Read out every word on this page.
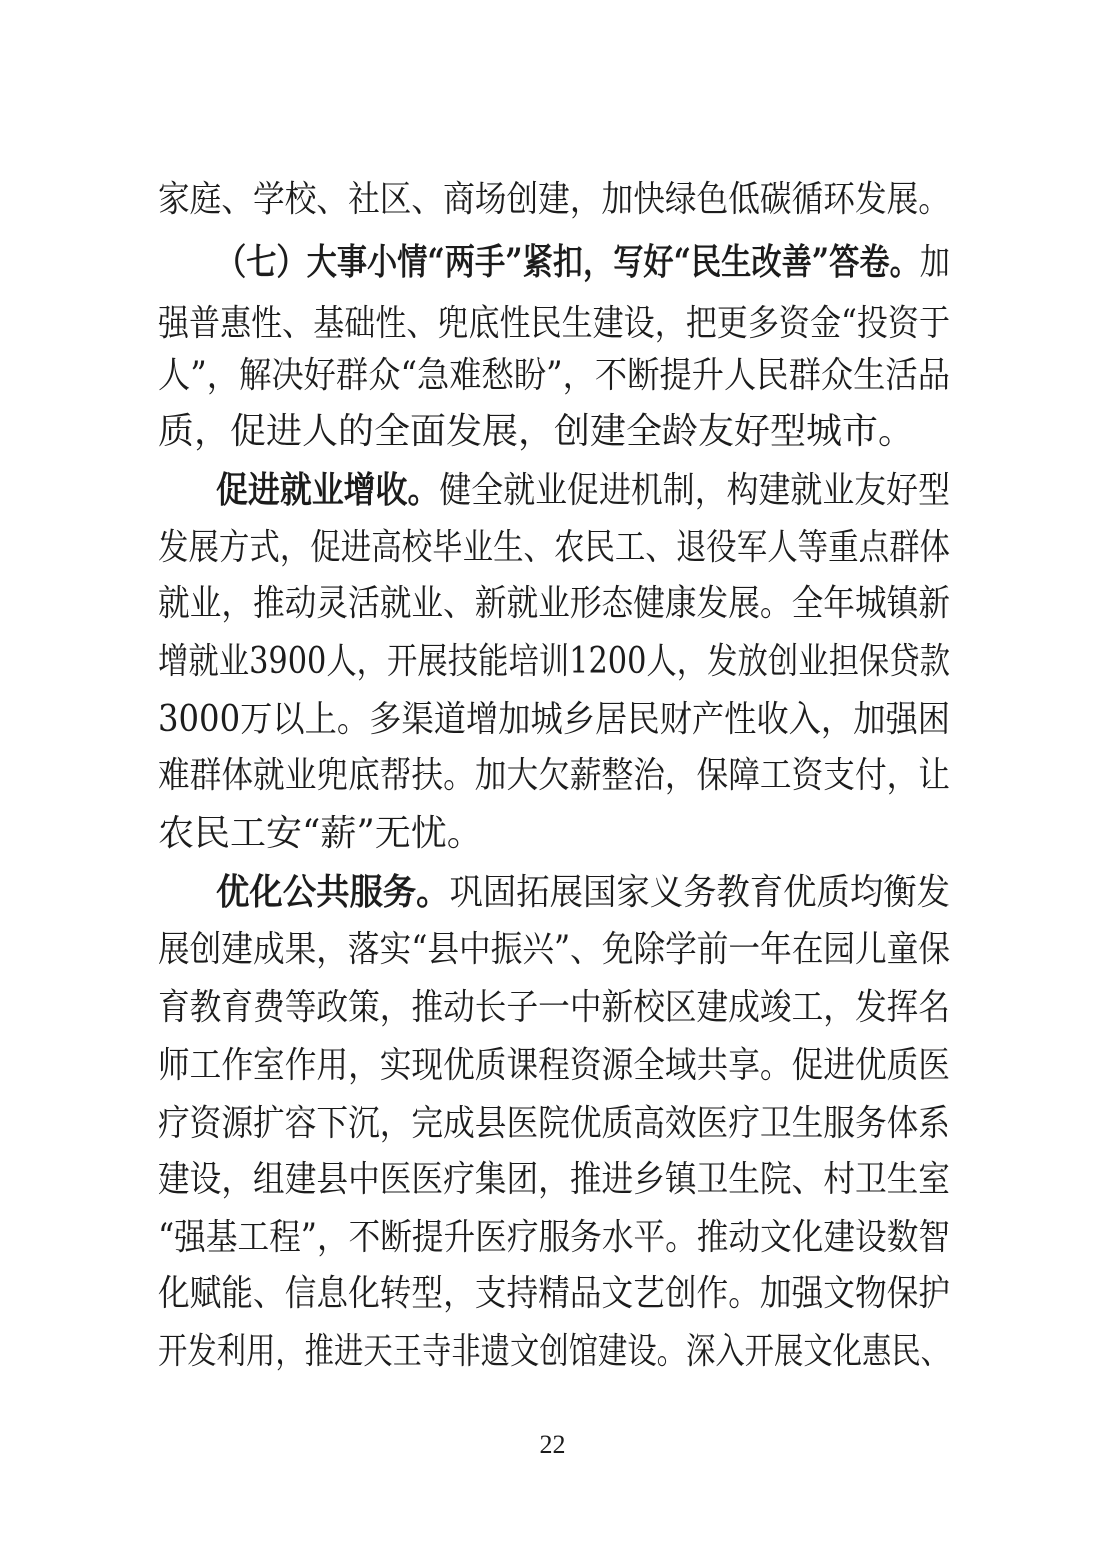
家庭、学校、社区、商场创建，加快绿色低碳循环发展。
（七）大事小情“两手”紧扣，写好“民生改善”答卷。加
强普惠性、基础性、兜底性民生建设，把更多资金“投资于
人”，解决好群众“急难愁盼”，不断提升人民群众生活品
质，促进人的全面发展，创建全龄友好型城市。
促进就业增收。健全就业促进机制，构建就业友好型
发展方式，促进高校毕业生、农民工、退役军人等重点群体
就业，推动灵活就业、新就业形态健康发展。全年城镇新
增就业3900人，开展技能培训1200人，发放创业担保贷款
3000万以上。多渠道增加城乡居民财产性收入，加强困
难群体就业兜底帮扶。加大欠薪整治，保障工资支付，让
农民工安“薪”无忧。
优化公共服务。巩固拓展国家义务教育优质均衡发
展创建成果，落实“县中振兴”、免除学前一年在园儿童保
育教育费等政策，推动长子一中新校区建成竣工，发挥名
师工作室作用，实现优质课程资源全域共享。促进优质医
疗资源扩容下沉，完成县医院优质高效医疗卫生服务体系
建设，组建县中医医疗集团，推进乡镇卫生院、村卫生室
“强基工程”，不断提升医疗服务水平。推动文化建设数智
化赋能、信息化转型，支持精品文艺创作。加强文物保护
开发利用，推进天王寺非遗文创馆建设。深入开展文化惠民、
22
